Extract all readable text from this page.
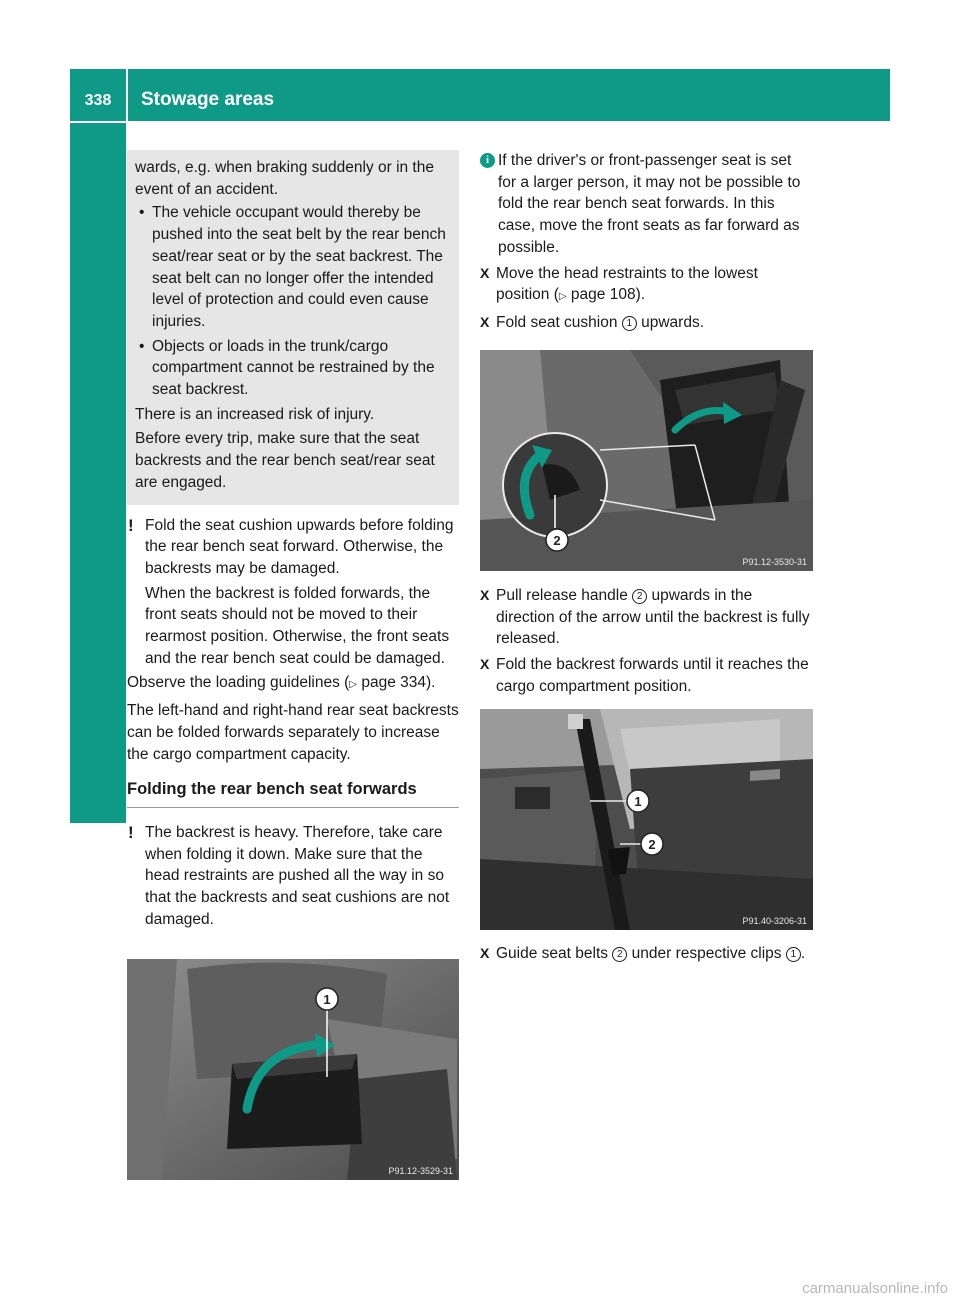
338	Stowage areas
Stowage and features

wards, e.g. when braking suddenly or in the event of an accident.

• The vehicle occupant would thereby be pushed into the seat belt by the rear bench seat/rear seat or by the seat backrest. The seat belt can no longer offer the intended level of protection and could even cause injuries.

• Objects or loads in the trunk/cargo compartment cannot be restrained by the seat backrest.

There is an increased risk of injury.

Before every trip, make sure that the seat backrests and the rear bench seat/rear seat are engaged.

! Fold the seat cushion upwards before folding the rear bench seat forward. Otherwise, the backrests may be damaged.

When the backrest is folded forwards, the front seats should not be moved to their rearmost position. Otherwise, the front seats and the rear bench seat could be damaged.

Observe the loading guidelines (▷ page 334).

The left-hand and right-hand rear seat backrests can be folded forwards separately to increase the cargo compartment capacity.

Folding the rear bench seat forwards
! The backrest is heavy. Therefore, take care when folding it down. Make sure that the head restraints are pushed all the way in so that the backrests and seat cushions are not damaged.

1
P91.12-3529-31
i If the driver's or front-passenger seat is set for a larger person, it may not be possible to fold the rear bench seat forwards. In this case, move the front seats as far forward as possible.

X Move the head restraints to the lowest position (▷ page 108).

X Fold seat cushion 1 upwards.

2
P91.12-3530-31
X Pull release handle 2 upwards in the direction of the arrow until the backrest is fully released.

X Fold the backrest forwards until it reaches the cargo compartment position.

1
2
P91.40-3206-31
X Guide seat belts 2 under respective clips 1 .

carmanualsonline.info
